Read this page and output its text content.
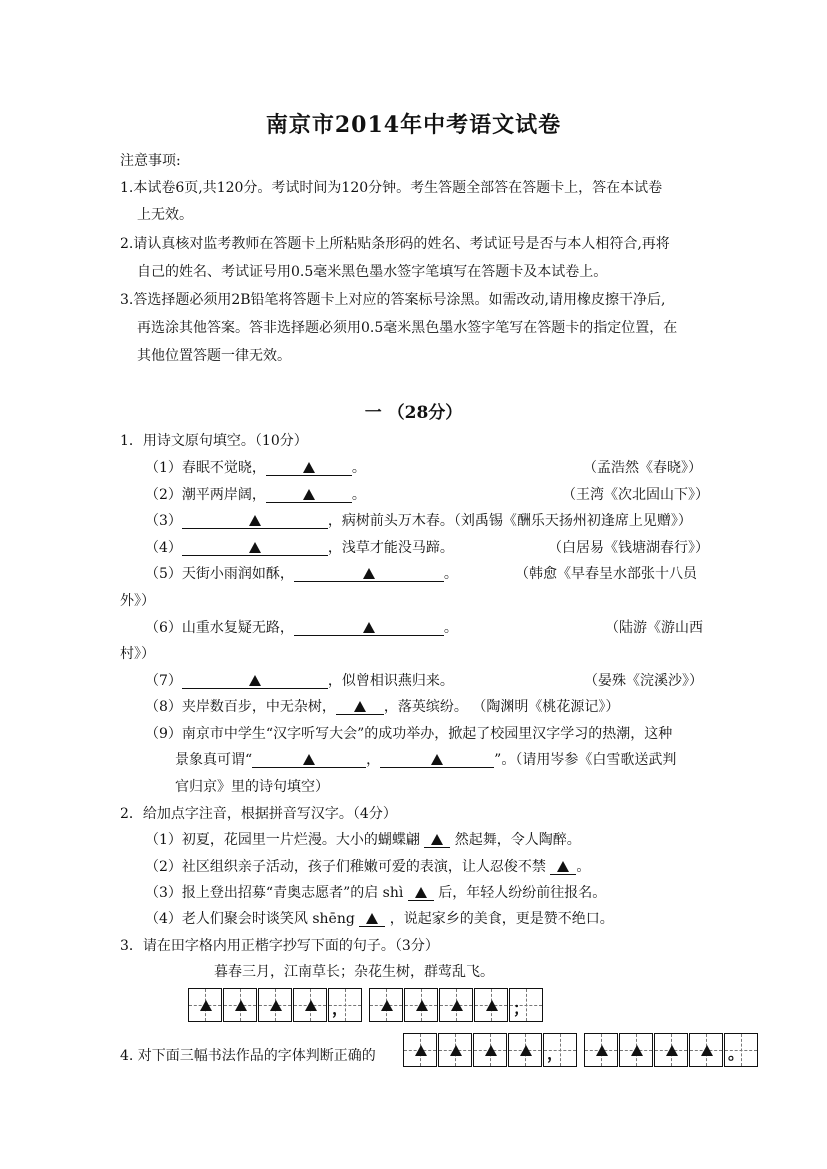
南京市2014年中考语文试卷
注意事项:
1.本试卷6页,共120分。考试时间为120分钟。考生答题全部答在答题卡上，答在本试卷
上无效。
2.请认真核对监考教师在答题卡上所粘贴条形码的姓名、考试证号是否与本人相符合,再将
自己的姓名、考试证号用0.5毫米黑色墨水签字笔填写在答题卡及本试卷上。
3.答选择题必须用2B铅笔将答题卡上对应的答案标号涂黑。如需改动,请用橡皮擦干净后,
再选涂其他答案。答非选择题必须用0.5毫米黑色墨水签字笔写在答题卡的指定位置，在
其他位置答题一律无效。
一 （28分）
1．用诗文原句填空。（10分）
（1）春眠不觉晓，	。	（孟浩然《春晓》）
（2）潮平两岸阔，	。	（王湾《次北固山下》）
（3）	，病树前头万木春。（刘禹锡《酬乐天扬州初逢席上见赠》）
（4）	，浅草才能没马蹄。	（白居易《钱塘湖春行》）
（5）天街小雨润如酥，	。	（韩愈《早春呈水部张十八员
外》）
（6）山重水复疑无路，	。	（陆游《游山西
村》）
（7）	，似曾相识燕归来。	（晏殊《浣溪沙》）
（8）夹岸数百步，中无杂树，	，落英缤纷。 （陶渊明《桃花源记》）
（9）南京市中学生“汉字听写大会”的成功举办，掀起了校园里汉字学习的热潮，这种
景象真可谓“	，	”。（请用岑参《白雪歌送武判
官归京》里的诗句填空）
2．给加点字注音，根据拼音写汉字。（4分）
（1）初夏，花园里一片烂漫。大小的蝴蝶翩  然起舞，令人陶醉。
（2）社区组织亲子活动，孩子们稚嫩可爱的表演，让人忍俊不禁 。
（3）报上登出招募“青奥志愿者”的启 shì  后，年轻人纷纷前往报名。
（4）老人们聚会时谈笑风 shēng  ，说起家乡的美食，更是赞不绝口。
3．请在田字格内用正楷字抄写下面的句子。（3分）
暮春三月，江南草长；杂花生树，群莺乱飞。
，	；
4. 对下面三幅书法作品的字体判断正确的	，	。
